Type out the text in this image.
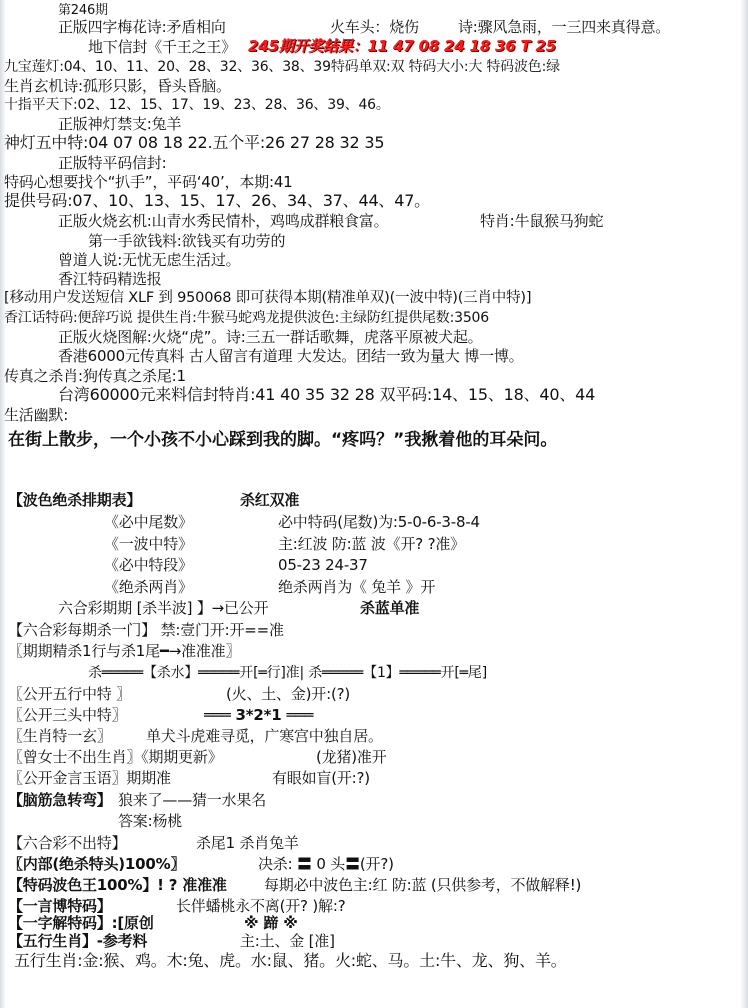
第246期
正版四字梅花诗:矛盾相向	火车头：烧伤	诗:骤风急雨，一三四来真得意。
地下信封《千王之王》 245期开奖结果：11 47 08 24 18 36 T 25
九宝莲灯:04、10、11、20、28、32、36、38、39特码单双:双 特码大小:大 特码波色:绿
生肖玄机诗:孤形只影，昏头昏脑。
十指平天下:02、12、15、17、19、23、28、36、39、46。
正版神灯禁支:兔羊
神灯五中特:04 07 08 18 22.五个平:26 27 28 32 35
正版特平码信封:
特码心想要找个“扒手”，平码‘40’，本期:41
提供号码:07、10、13、15、17、26、34、37、44、47。
正版火烧玄机:山青水秀民情朴，鸡鸣成群粮食富。	特肖:牛鼠猴马狗蛇
第一手欲钱料:欲钱买有功劳的
曾道人说:无忧无虑生活过。
香江特码精选报
[移动用户发送短信 XLF 到 950068 即可获得本期(精准单双)(一波中特)(三肖中特)]
香江话特码:便辞巧说 提供生肖:牛猴马蛇鸡龙提供波色:主绿防红提供尾数:3506
正版火烧图解:火烧“虎”。诗:三五一群话歌舞，虎落平原被犬起。
香港6000元传真料 古人留言有道理 大发达。团结一致为量大 博一博。
传真之杀肖:狗传真之杀尾:1
台湾60000元来料信封特肖:41 40 35 32 28 双平码:14、15、18、40、44
生活幽默:
在街上散步，一个小孩不小心踩到我的脚。“疼吗？”我揪着他的耳朵问。
【波色绝杀排期表】	杀红双准
《必中尾数》	必中特码(尾数)为:5-0-6-3-8-4
《一波中特》	主:红波 防:蓝 波《开? ?准》
《必中特段》	05-23 24-37
《绝杀两肖》	绝杀两肖为《 兔羊 》开
六合彩期期 [杀半波] 】→已公开	杀蓝单准
【六合彩每期杀一门】 禁:壹门开:开==准
〖期期精杀1行与杀1尾━→准准准〗
杀═════【杀水】═════开[═行]准| 杀═════【1】═════开[═尾]
〖公开五行中特 〗	(火、土、金)开:(?)
〖公开三头中特〗	═══ 3*2*1 ═══
〖生肖特一玄〗 单犬斗虎难寻觅，广寒宫中独自居。
〖曾女士不出生肖〗《期期更新》	(龙猪)准开
〖公开金言玉语〗期期准	有眼如盲(开:?)
【脑筋急转弯】 狼来了——猜一水果名
答案:杨桃
【六合彩不出特】	杀尾1 杀肖兔羊
〖内部(绝杀特头)100%〗	决杀: 〓 0 头〓(开?)
【特码波色王100%】! ? 准准准 每期必中波色主:红 防:蓝 (只供参考，不做解释!)
【一言博特码】	长伴蟠桃永不离(开? )解:?
【一字解特码】:[原创	※ 蹄 ※
【五行生肖】-参考料	主:土、金 [准]
五行生肖:金:猴、鸡。木:兔、虎。水:鼠、猪。火:蛇、马。土:牛、龙、狗、羊。
